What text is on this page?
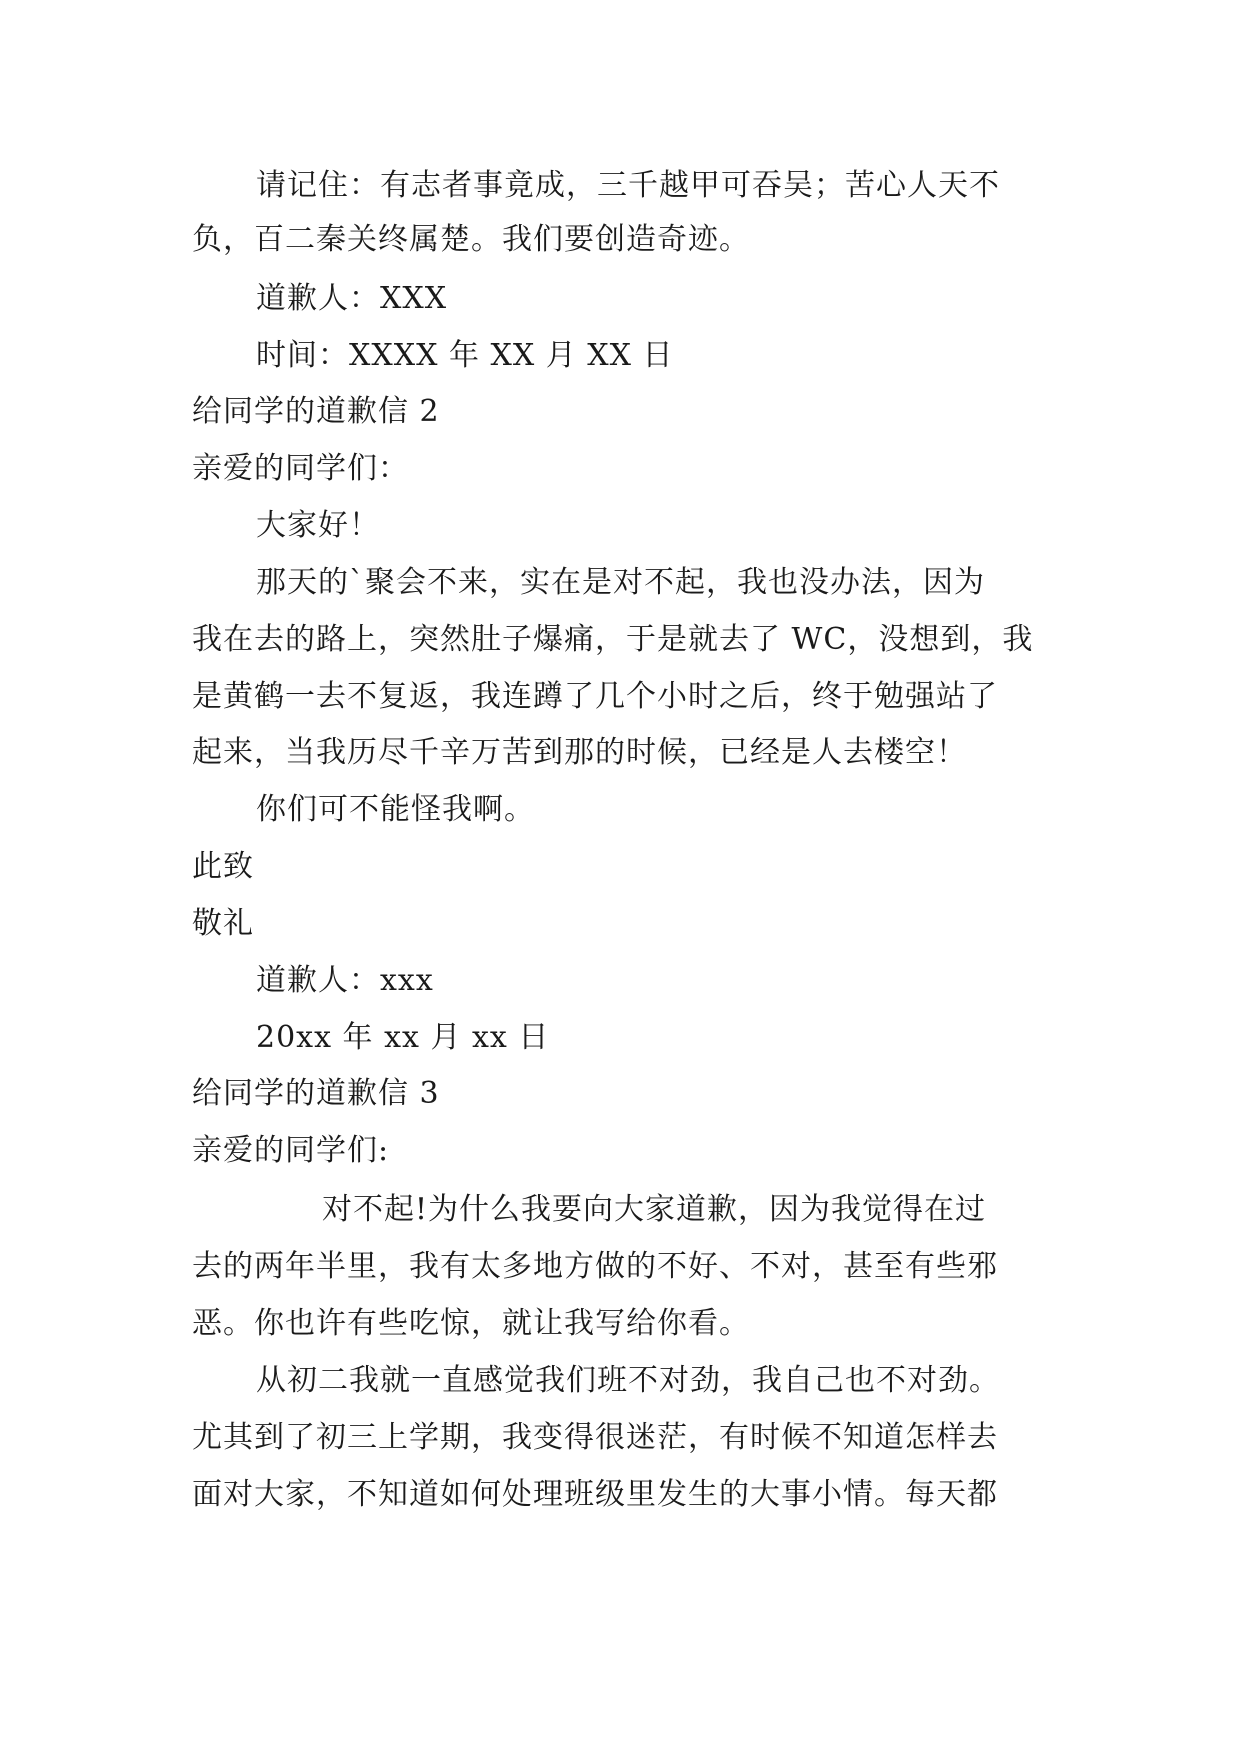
请记住：有志者事竟成，三千越甲可吞吴；苦心人天不
负，百二秦关终属楚。我们要创造奇迹。
道歉人：XXX
时间：XXXX 年 XX 月 XX 日
给同学的道歉信 2
亲爱的同学们：
大家好！
那天的`聚会不来，实在是对不起，我也没办法，因为
我在去的路上，突然肚子爆痛，于是就去了 WC，没想到，我
是黄鹤一去不复返，我连蹲了几个小时之后，终于勉强站了
起来，当我历尽千辛万苦到那的时候，已经是人去楼空！
你们可不能怪我啊。
此致
敬礼
道歉人：xxx
20xx 年 xx 月 xx 日
给同学的道歉信 3
亲爱的同学们:
对不起!为什么我要向大家道歉，因为我觉得在过
去的两年半里，我有太多地方做的不好、不对，甚至有些邪
恶。你也许有些吃惊，就让我写给你看。
从初二我就一直感觉我们班不对劲，我自己也不对劲。
尤其到了初三上学期，我变得很迷茫，有时候不知道怎样去
面对大家，不知道如何处理班级里发生的大事小情。每天都
